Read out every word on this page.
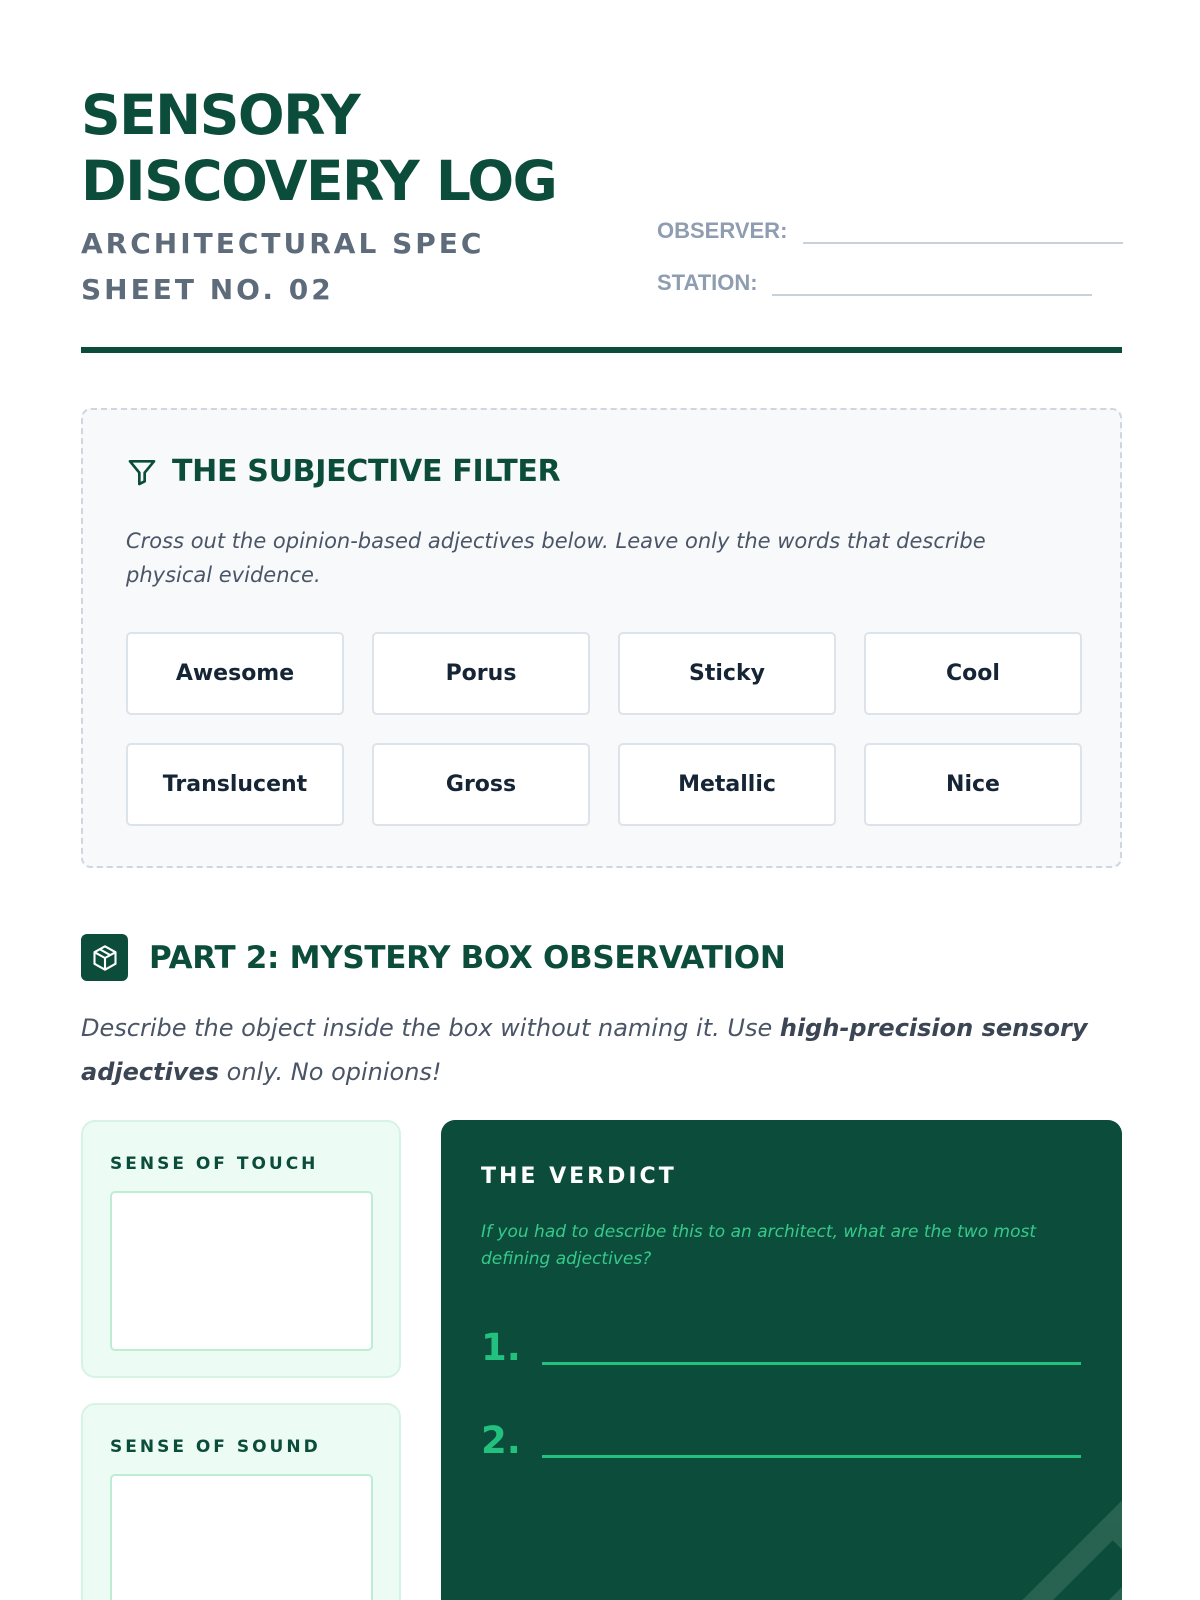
SENSORY
DISCOVERY LOG
ARCHITECTURAL SPEC SHEET NO. 02
OBSERVER:
STATION:
THE SUBJECTIVE FILTER
Cross out the opinion-based adjectives below. Leave only the words that describe physical evidence.
Awesome	Porus	Sticky	Cool
Translucent	Gross	Metallic	Nice
PART 2: MYSTERY BOX OBSERVATION
Describe the object inside the box without naming it. Use high-precision sensory adjectives only. No opinions!
SENSE OF TOUCH
SENSE OF SOUND
THE VERDICT
If you had to describe this to an architect, what are the two most defining adjectives?
1.
2.
